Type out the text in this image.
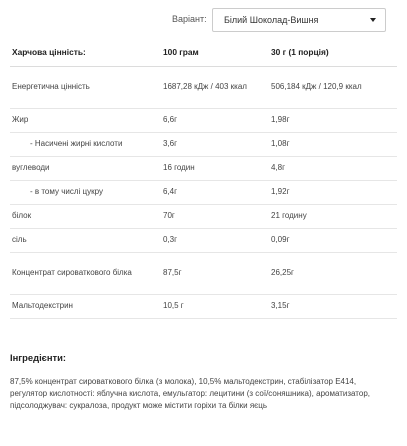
Варіант:	Білий Шоколад-Вишня
Харчова цінність:	100 грам	30 г (1 порція)
Енергетична цінність	1687,28 кДж / 403 ккал	506,184 кДж / 120,9 ккал
Жир	6,6г	1,98г
- Насичені жирні кислоти	3,6г	1,08г
вуглеводи	16 годин	4,8г
- в тому числі цукру	6,4г	1,92г
білок	70г	21 годину
сіль	0,3г	0,09г
Концентрат сироваткового білка	87,5г	26,25г
Мальтодекстрин	10,5 г	3,15г
Інгредієнти:
87,5% концентрат сироваткового білка (з молока), 10,5% мальтодекстрин, стабілізатор E414, регулятор кислотності: яблучна кислота, емульгатор: лецитини (з сої/соняшника), ароматизатор, підсолоджувач: сукралоза, продукт може містити горіхи та білки яєць
